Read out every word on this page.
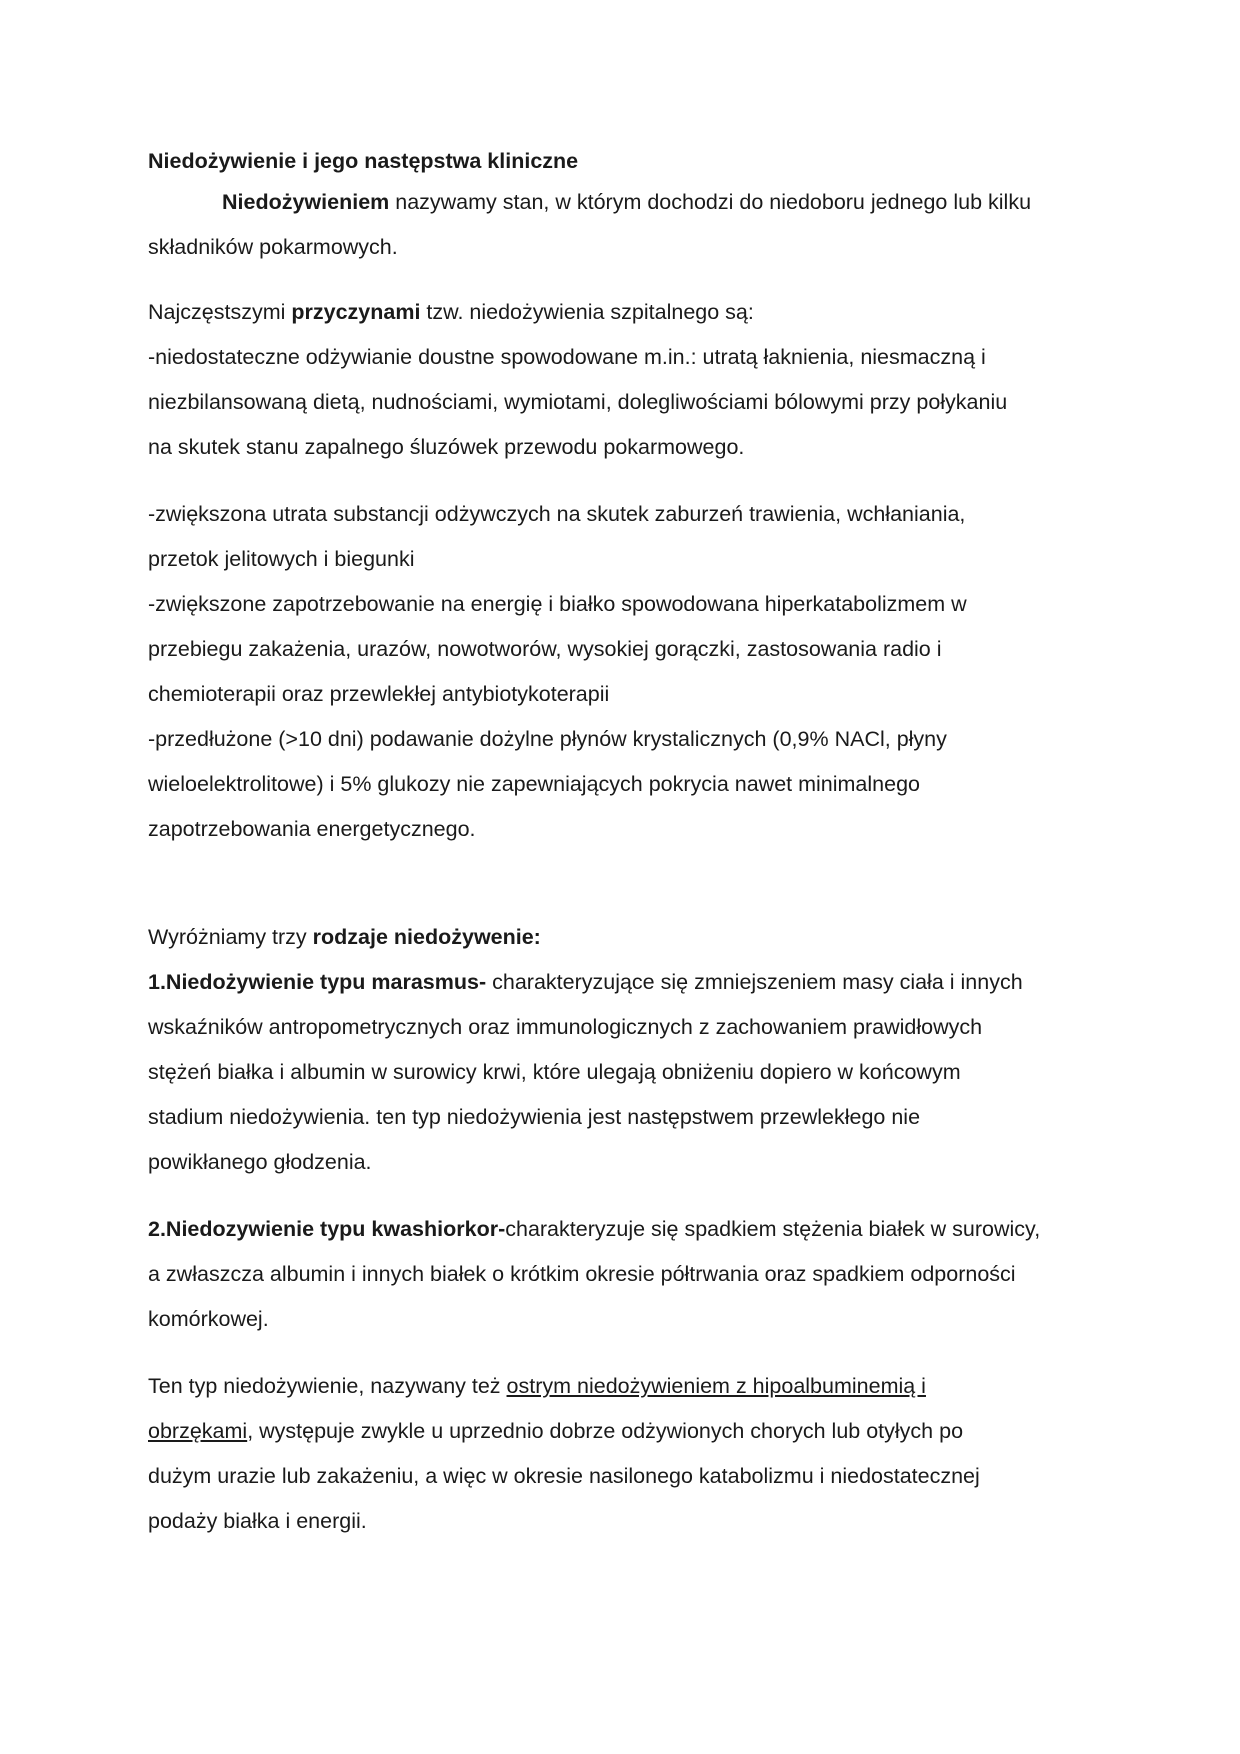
Niedożywienie i jego następstwa kliniczne
Niedożywieniem nazywamy stan, w którym dochodzi do niedoboru jednego lub kilku
składników pokarmowych.
Najczęstszymi przyczynami tzw. niedożywienia szpitalnego są:
-niedostateczne odżywianie doustne spowodowane m.in.: utratą łaknienia, niesmaczną i
niezbilansowaną dietą, nudnościami, wymiotami, dolegliwościami bólowymi przy połykaniu
na skutek stanu zapalnego śluzówek przewodu pokarmowego.
-zwiększona utrata substancji odżywczych na skutek zaburzeń trawienia, wchłaniania,
przetok jelitowych i biegunki
-zwiększone zapotrzebowanie na energię i białko spowodowana hiperkatabolizmem w
przebiegu zakażenia, urazów, nowotworów, wysokiej gorączki, zastosowania radio i
chemioterapii oraz przewlekłej antybiotykoterapii
-przedłużone (>10 dni) podawanie dożylne płynów krystalicznych (0,9% NACl, płyny
wieloelektrolitowe) i 5% glukozy nie zapewniających pokrycia nawet minimalnego
zapotrzebowania energetycznego.
Wyróżniamy trzy rodzaje niedożywenie:
1.Niedożywienie typu marasmus- charakteryzujące się zmniejszeniem masy ciała i innych
wskaźników antropometrycznych oraz immunologicznych z zachowaniem prawidłowych
stężeń białka i albumin w surowicy krwi, które ulegają obniżeniu dopiero w końcowym
stadium niedożywienia. ten typ niedożywienia jest następstwem przewlekłego nie
powikłanego głodzenia.
2.Niedozywienie typu kwashiorkor-charakteryzuje się spadkiem stężenia białek w surowicy,
a zwłaszcza albumin i innych białek o krótkim okresie półtrwania oraz spadkiem odporności
komórkowej.
Ten typ niedożywienie, nazywany też ostrym niedożywieniem z hipoalbuminemią i
obrzękami, występuje zwykle u uprzednio dobrze odżywionych chorych lub otyłych po
dużym urazie lub zakażeniu, a więc w okresie nasilonego katabolizmu i niedostatecznej
podaży białka i energii.
